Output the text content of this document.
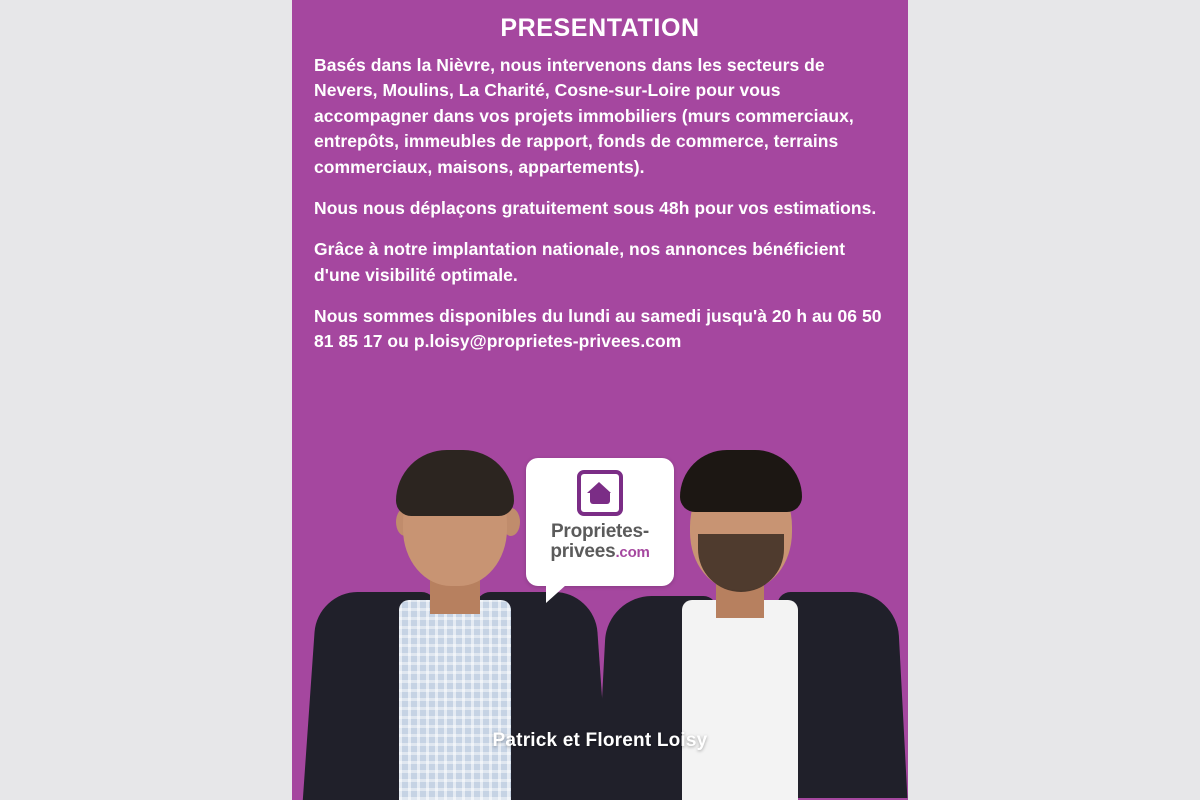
PRESENTATION

Basés dans la Nièvre, nous intervenons dans les secteurs de Nevers, Moulins, La Charité, Cosne-sur-Loire pour vous accompagner dans vos projets immobiliers (murs commerciaux, entrepôts, immeubles de rapport, fonds de commerce, terrains commerciaux, maisons, appartements).

Nous nous déplaçons gratuitement sous 48h pour vos estimations.

Grâce à notre implantation nationale, nos annonces bénéficient d'une visibilité optimale.

Nous sommes disponibles du lundi au samedi jusqu'à 20 h au 06 50 81 85 17 ou p.loisy@proprietes-privees.com

Proprietes-
privees.com
Patrick et Florent Loisy
